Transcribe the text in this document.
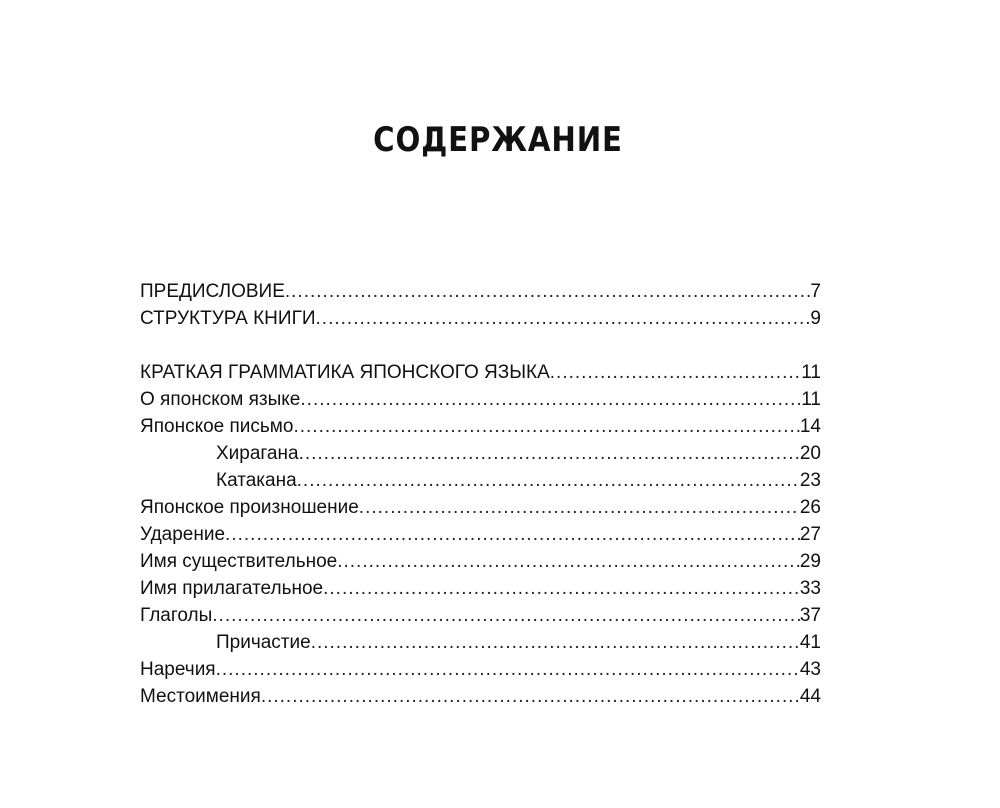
СОДЕРЖАНИЕ
ПРЕДИСЛОВИЕ .....	7
СТРУКТУРА КНИГИ .....	9
КРАТКАЯ ГРАММАТИКА ЯПОНСКОГО ЯЗЫКА .....	11
О японском языке .....	11
Японское письмо .....	14
Хирагана .....	20
Катакана .....	23
Японское произношение .....	26
Ударение .....	27
Имя существительное .....	29
Имя прилагательное .....	33
Глаголы .....	37
Причастие .....	41
Наречия .....	43
Местоимения .....	44
